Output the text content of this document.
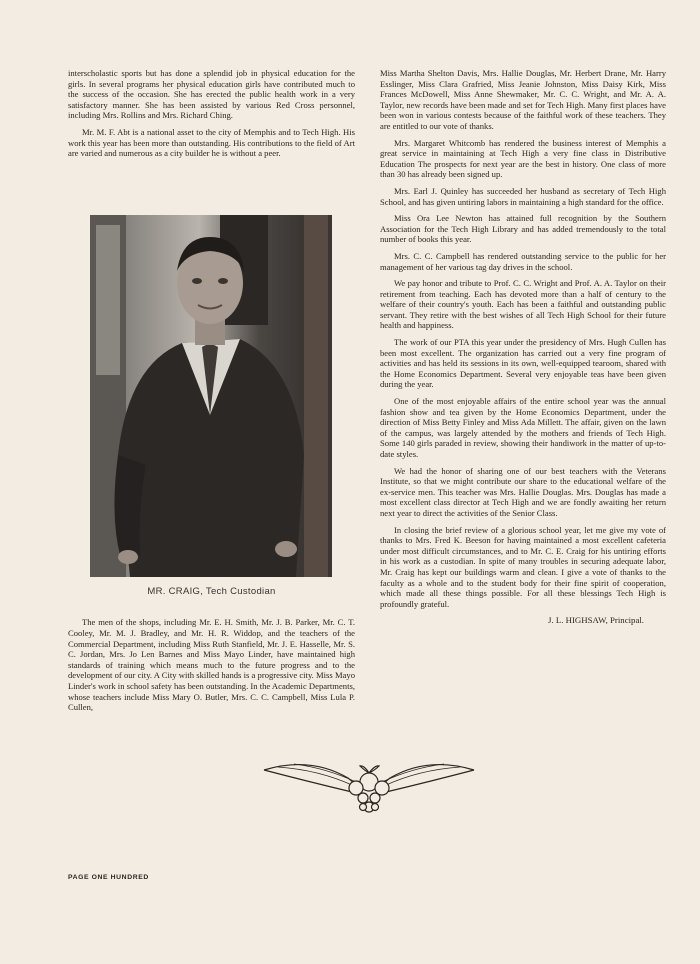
interscholastic sports but has done a splendid job in physical education for the girls. In several programs her physical education girls have contributed much to the success of the occasion. She has erected the public health work in a very satisfactory manner. She has been assisted by various Red Cross personnel, including Mrs. Rollins and Mrs. Richard Ching.

Mr. M. F. Abt is a national asset to the city of Memphis and to Tech High. His work this year has been more than outstanding. His contributions to the field of Art are varied and numerous as a city builder he is without a peer.

MR. CRAIG, Tech Custodian

The men of the shops, including Mr. E. H. Smith, Mr. J. B. Parker, Mr. C. T. Cooley, Mr. M. J. Bradley, and Mr. H. R. Widdop, and the teachers of the Commercial Department, including Miss Ruth Stanfield, Mr. J. E. Hasselle, Mr. S. C. Jordan, Mrs. Jo Len Barnes and Miss Mayo Linder, have maintained high standards of training which means much to the future progress and to the development of our city. A City with skilled hands is a progressive city. Miss Mayo Linder's work in school safety has been outstanding. In the Academic Departments, whose teachers include Miss Mary O. Butler, Mrs. C. C. Campbell, Miss Lula P. Cullen,

Miss Martha Shelton Davis, Mrs. Hallie Douglas, Mr. Herbert Drane, Mr. Harry Esslinger, Miss Clara Grafried, Miss Jeanie Johnston, Miss Daisy Kirk, Miss Frances McDowell, Miss Anne Shewmaker, Mr. C. C. Wright, and Mr. A. A. Taylor, new records have been made and set for Tech High. Many first places have been won in various contests because of the faithful work of these teachers. They are entitled to our vote of thanks.

Mrs. Margaret Whitcomb has rendered the business interest of Memphis a great service in maintaining at Tech High a very fine class in Distributive Education The prospects for next year are the best in history. One class of more than 30 has already been signed up.

Mrs. Earl J. Quinley has succeeded her husband as secretary of Tech High School, and has given untiring labors in maintaining a high standard for the office.

Miss Ora Lee Newton has attained full recognition by the Southern Association for the Tech High Library and has added tremendously to the total number of books this year.

Mrs. C. C. Campbell has rendered outstanding service to the public for her management of her various tag day drives in the school.

We pay honor and tribute to Prof. C. C. Wright and Prof. A. A. Taylor on their retirement from teaching. Each has devoted more than a half of century to the welfare of their country's youth. Each has been a faithful and outstanding public servant. They retire with the best wishes of all Tech High School for their future health and happiness.

The work of our PTA this year under the presidency of Mrs. Hugh Cullen has been most excellent. The organization has carried out a very fine program of activities and has held its sessions in its own, well-equipped tearoom, shared with the Home Economics Department. Several very enjoyable teas have been given during the year.

One of the most enjoyable affairs of the entire school year was the annual fashion show and tea given by the Home Economics Department, under the direction of Miss Betty Finley and Miss Ada Millett. The affair, given on the lawn of the campus, was largely attended by the mothers and friends of Tech High. Some 140 girls paraded in review, showing their handiwork in the matter of up-to-date styles.

We had the honor of sharing one of our best teachers with the Veterans Institute, so that we might contribute our share to the educational welfare of the ex-service men. This teacher was Mrs. Hallie Douglas. Mrs. Douglas has made a most excellent class director at Tech High and we are fondly awaiting her return next year to direct the activities of the Senior Class.

In closing the brief review of a glorious school year, let me give my vote of thanks to Mrs. Fred K. Beeson for having maintained a most excellent cafeteria under most difficult circumstances, and to Mr. C. E. Craig for his untiring efforts in his work as a custodian. In spite of many troubles in securing adequate labor, Mr. Craig has kept our buildings warm and clean. I give a vote of thanks to the faculty as a whole and to the student body for their fine spirit of cooperation, which made all these things possible. For all these blessings Tech High is profoundly grateful.

J. L. HIGHSAW, Principal.
PAGE ONE HUNDRED
